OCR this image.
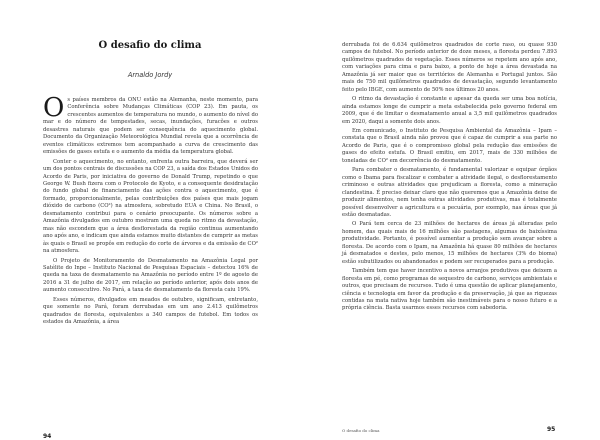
O desafio do clima
Arnaldo Jordy

Os países membros da ONU estão na Alemanha, neste momento, para Conferência sobre Mudanças Climáticas (COP 23). Em pauta, os crescentes aumentos de temperatura no mundo, o aumento do nível do mar e do número de tempestades, secas, inundações, furacões e outros desastres naturais que podem ser consequência do aquecimento global. Documento da Organização Meteorológica Mundial revela que a ocorrência de eventos climáticos extremos tem acompanhado a curva de crescimento das emissões de gases estufa e o aumento da média da temperatura global.

Conter o aquecimento, no entanto, enfrenta outra barreira, que deverá ser um dos pontos centrais de discussões na COP 23, a saída dos Estados Unidos do Acordo de Paris, por iniciativa do governo de Donald Trump, repetindo o que George W. Bush fizera com o Protocolo de Kyoto, e a consequente desidratação do fundo global de financiamento das ações contra o aquecimento, que é formado, proporcionalmente, pelas contribuições dos países que mais jogam dióxido de carbono (CO²) na atmosfera, sobretudo EUA e China. No Brasil, o desmatamento contribui para o cenário preocupante. Os números sobre a Amazônia divulgados em outubro mostram uma queda no ritmo da devastação, mas não escondem que a área desflorestada da região continua aumentando ano após ano, e indicam que ainda estamos muito distantes de cumprir as metas às quais o Brasil se propôs em redução do corte de árvores e da emissão de CO² na atmosfera.

O Projeto de Monitoramento do Desmatamento na Amazônia Legal por Satélite do Inpe – Instituto Nacional de Pesquisas Espaciais – detectou 16% de queda na taxa de desmatamento na Amazônia no período entre 1º de agosto de 2016 a 31 de julho de 2017, em relação ao período anterior, após dois anos de aumento consecutivo. No Pará, a taxa de desmatamento da floresta caiu 19%.

Esses números, divulgados em meados de outubro, significam, entretanto, que somente no Pará, foram derrubadas em um ano 2.413 quilômetros quadrados de floresta, equivalentes a 340 campos de futebol. Em todos os estados da Amazônia, a área

94

derrubada foi de 6.634 quilômetros quadrados de corte raso, ou quase 930 campos de futebol. No período anterior de doze meses, a floresta perdeu 7.893 quilômetros quadrados de vegetação. Esses números se repetem ano após ano, com variações para cima e para baixo, a ponto de hoje a área devastada na Amazônia já ser maior que os territórios de Alemanha e Portugal juntos. São mais de 750 mil quilômetros quadrados de devastação, segundo levantamento feito pelo IBGE, com aumento de 50% nos últimos 20 anos.

O ritmo da devastação é constante e apesar da queda ser uma boa notícia, ainda estamos longe de cumprir a meta estabelecida pelo governo federal em 2009, que é de limitar o desmatamento anual a 3,5 mil quilômetros quadrados em 2020, daqui a somente dois anos.

Em comunicado, o Instituto de Pesquisa Ambiental da Amazônia – Ipam – constata que o Brasil ainda não provou que é capaz de cumprir a sua parte no Acordo de Paris, que é o compromisso global pela redução das emissões de gases do efeito estufa. O Brasil emitiu, em 2017, mais de 330 milhões de toneladas de CO² em decorrência do desmatamento.

Para combater o desmatamento, é fundamental valorizar e equipar órgãos como o Ibama para fiscalizar e combater a atividade ilegal, o desflorestamento criminoso e outras atividades que prejudicam a floresta, como a mineração clandestina. É preciso deixar claro que não queremos que a Amazônia deixe de produzir alimentos, nem tenha outras atividades produtivas, mas é totalmente possível desenvolver a agricultura e a pecuária, por exemplo, nas áreas que já estão desmatadas.

O Pará tem cerca de 23 milhões de hectares de áreas já alteradas pelo homem, das quais mais de 16 milhões são pastagens, algumas de baixíssima produtividade. Portanto, é possível aumentar a produção sem avançar sobre a floresta. De acordo com o Ipam, na Amazônia há quase 80 milhões de hectares já desmatados e destes, pelo menos, 15 milhões de hectares (3% do bioma) estão subutilizados ou abandonados e podem ser recuperados para a produção.

Também tem que haver incentivo a novos arranjos produtivos que deixem a floresta em pé, como programas de sequestro de carbono, serviços ambientais e outros, que precisam de recursos. Tudo é uma questão de aplicar planejamento, ciência e tecnologia em favor da produção e da preservação, já que as riquezas contidas na mata nativa hoje também são inestimáveis para o nosso futuro e a própria ciência. Basta usarmos esses recursos com sabedoria.

O desafio do clima	95
